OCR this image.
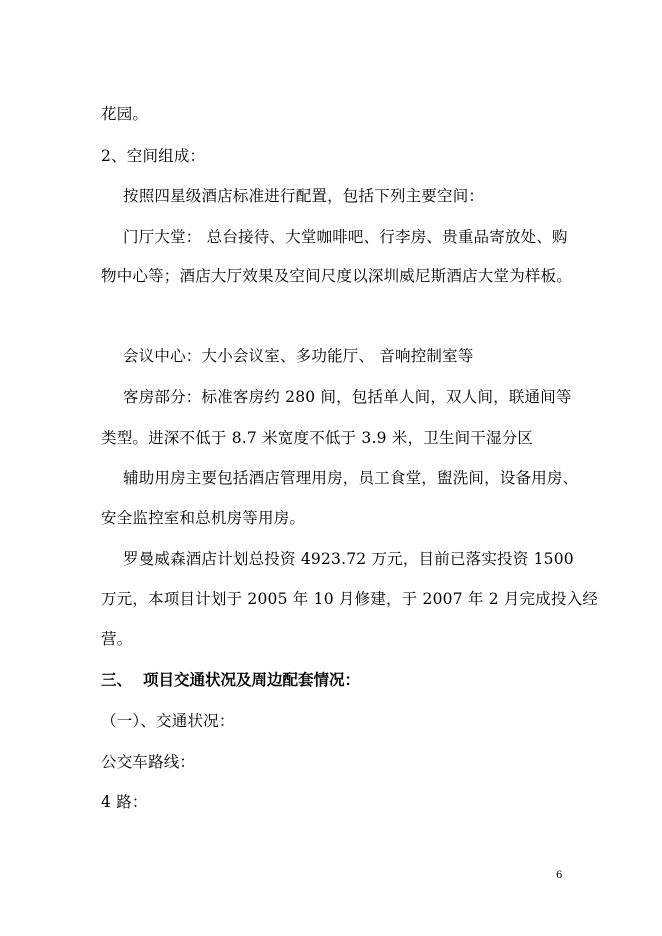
花园。
2、空间组成：
按照四星级酒店标准进行配置，包括下列主要空间：
门厅大堂： 总台接待、大堂咖啡吧、行李房、贵重品寄放处、购
物中心等；酒店大厅效果及空间尺度以深圳威尼斯酒店大堂为样板。
会议中心：大小会议室、多功能厅、 音响控制室等
客房部分：标准客房约 280 间，包括单人间，双人间，联通间等
类型。进深不低于 8.7 米宽度不低于 3.9 米，卫生间干湿分区
辅助用房主要包括酒店管理用房，员工食堂，盥洗间，设备用房、
安全监控室和总机房等用房。
罗曼威森酒店计划总投资 4923.72 万元，目前已落实投资 1500
万元，本项目计划于 2005 年 10 月修建，于 2007 年 2 月完成投入经
营。
三、 项目交通状况及周边配套情况：
（一）、交通状况：
公交车路线：
4 路：
6
